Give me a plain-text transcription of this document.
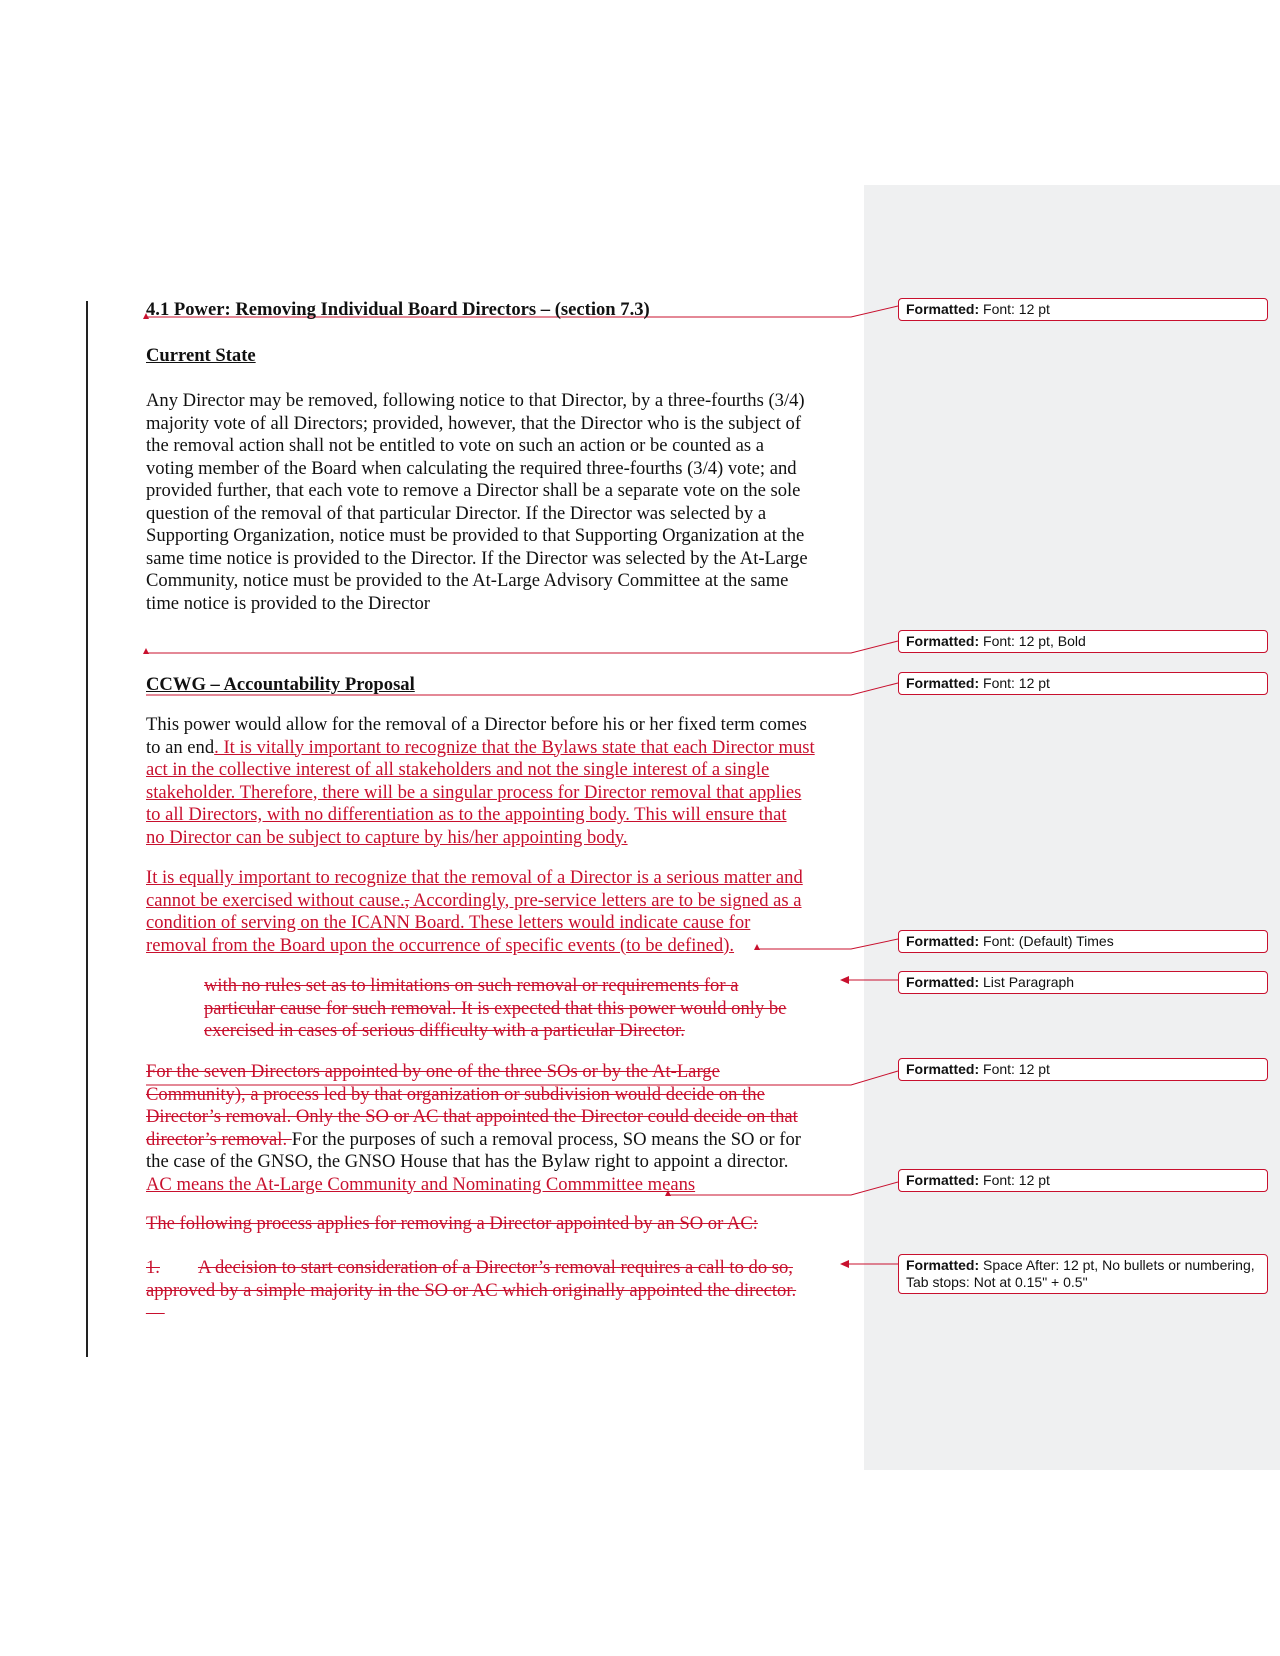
4.1 Power: Removing Individual Board Directors – (section 7.3)
Current State
Any Director may be removed, following notice to that Director, by a three-fourths (3/4)
majority vote of all Directors; provided, however, that the Director who is the subject of
the removal action shall not be entitled to vote on such an action or be counted as a
voting member of the Board when calculating the required three-fourths (3/4) vote; and
provided further, that each vote to remove a Director shall be a separate vote on the sole
question of the removal of that particular Director. If the Director was selected by a
Supporting Organization, notice must be provided to that Supporting Organization at the
same time notice is provided to the Director. If the Director was selected by the At-Large
Community, notice must be provided to the At-Large Advisory Committee at the same
time notice is provided to the Director
CCWG – Accountability Proposal
This power would allow for the removal of a Director before his or her fixed term comes
to an end. It is vitally important to recognize that the Bylaws state that each Director must
act in the collective interest of all stakeholders and not the single interest of a single
stakeholder. Therefore, there will be a singular process for Director removal that applies
to all Directors, with no differentiation as to the appointing body. This will ensure that
no Director can be subject to capture by his/her appointing body.
It is equally important to recognize that the removal of a Director is a serious matter and
cannot be exercised without cause., Accordingly, pre-service letters are to be signed as a
condition of serving on the ICANN Board. These letters would indicate cause for
removal from the Board upon the occurrence of specific events (to be defined).
with no rules set as to limitations on such removal or requirements for a
particular cause for such removal. It is expected that this power would only be
exercised in cases of serious difficulty with a particular Director.
For the seven Directors appointed by one of the three SOs or by the At-Large
Community), a process led by that organization or subdivision would decide on the
Director’s removal. Only the SO or AC that appointed the Director could decide on that
director’s removal. For the purposes of such a removal process, SO means the SO or for
the case of the GNSO, the GNSO House that has the Bylaw right to appoint a director.
AC means the At-Large Community and Nominating Commmittee means
The following process applies for removing a Director appointed by an SO or AC:
1. A decision to start consideration of a Director’s removal requires a call to do so,
approved by a simple majority in the SO or AC which originally appointed the director.
—
Formatted: Font: 12 pt
Formatted: Font: 12 pt, Bold
Formatted: Font: 12 pt
Formatted: Font: (Default) Times
Formatted: List Paragraph
Formatted: Font: 12 pt
Formatted: Font: 12 pt
Formatted: Space After: 12 pt, No bullets or numbering, Tab stops: Not at 0.15" + 0.5"
